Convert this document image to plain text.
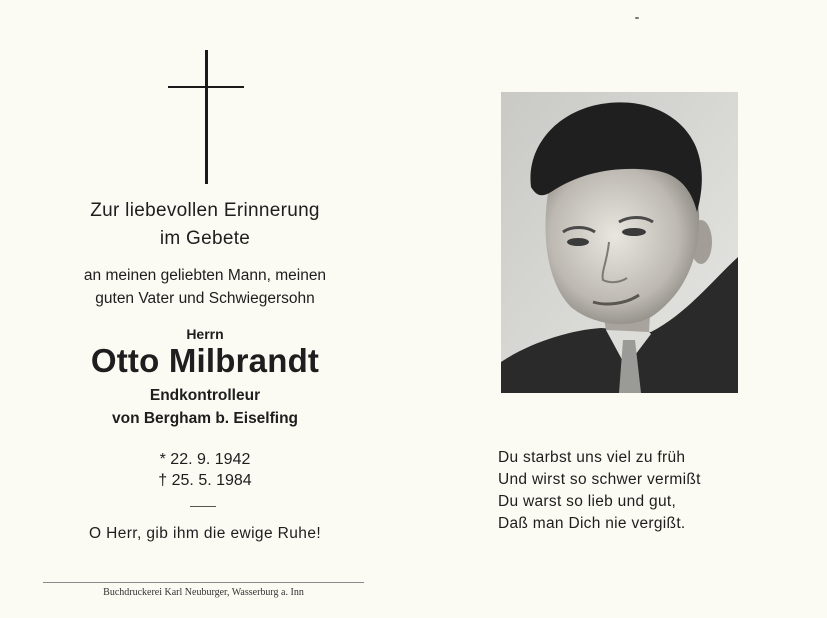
Zur liebevollen Erinnerung
im Gebete
an meinen geliebten Mann, meinen
guten Vater und Schwiegersohn
Herrn
Otto Milbrandt
Endkontrolleur
von Bergham b. Eiselfing
* 22. 9. 1942
† 25. 5. 1984
O Herr, gib ihm die ewige Ruhe!
Buchdruckerei Karl Neuburger, Wasserburg a. Inn
Du starbst uns viel zu früh
Und wirst so schwer vermißt
Du warst so lieb und gut,
Daß man Dich nie vergißt.
